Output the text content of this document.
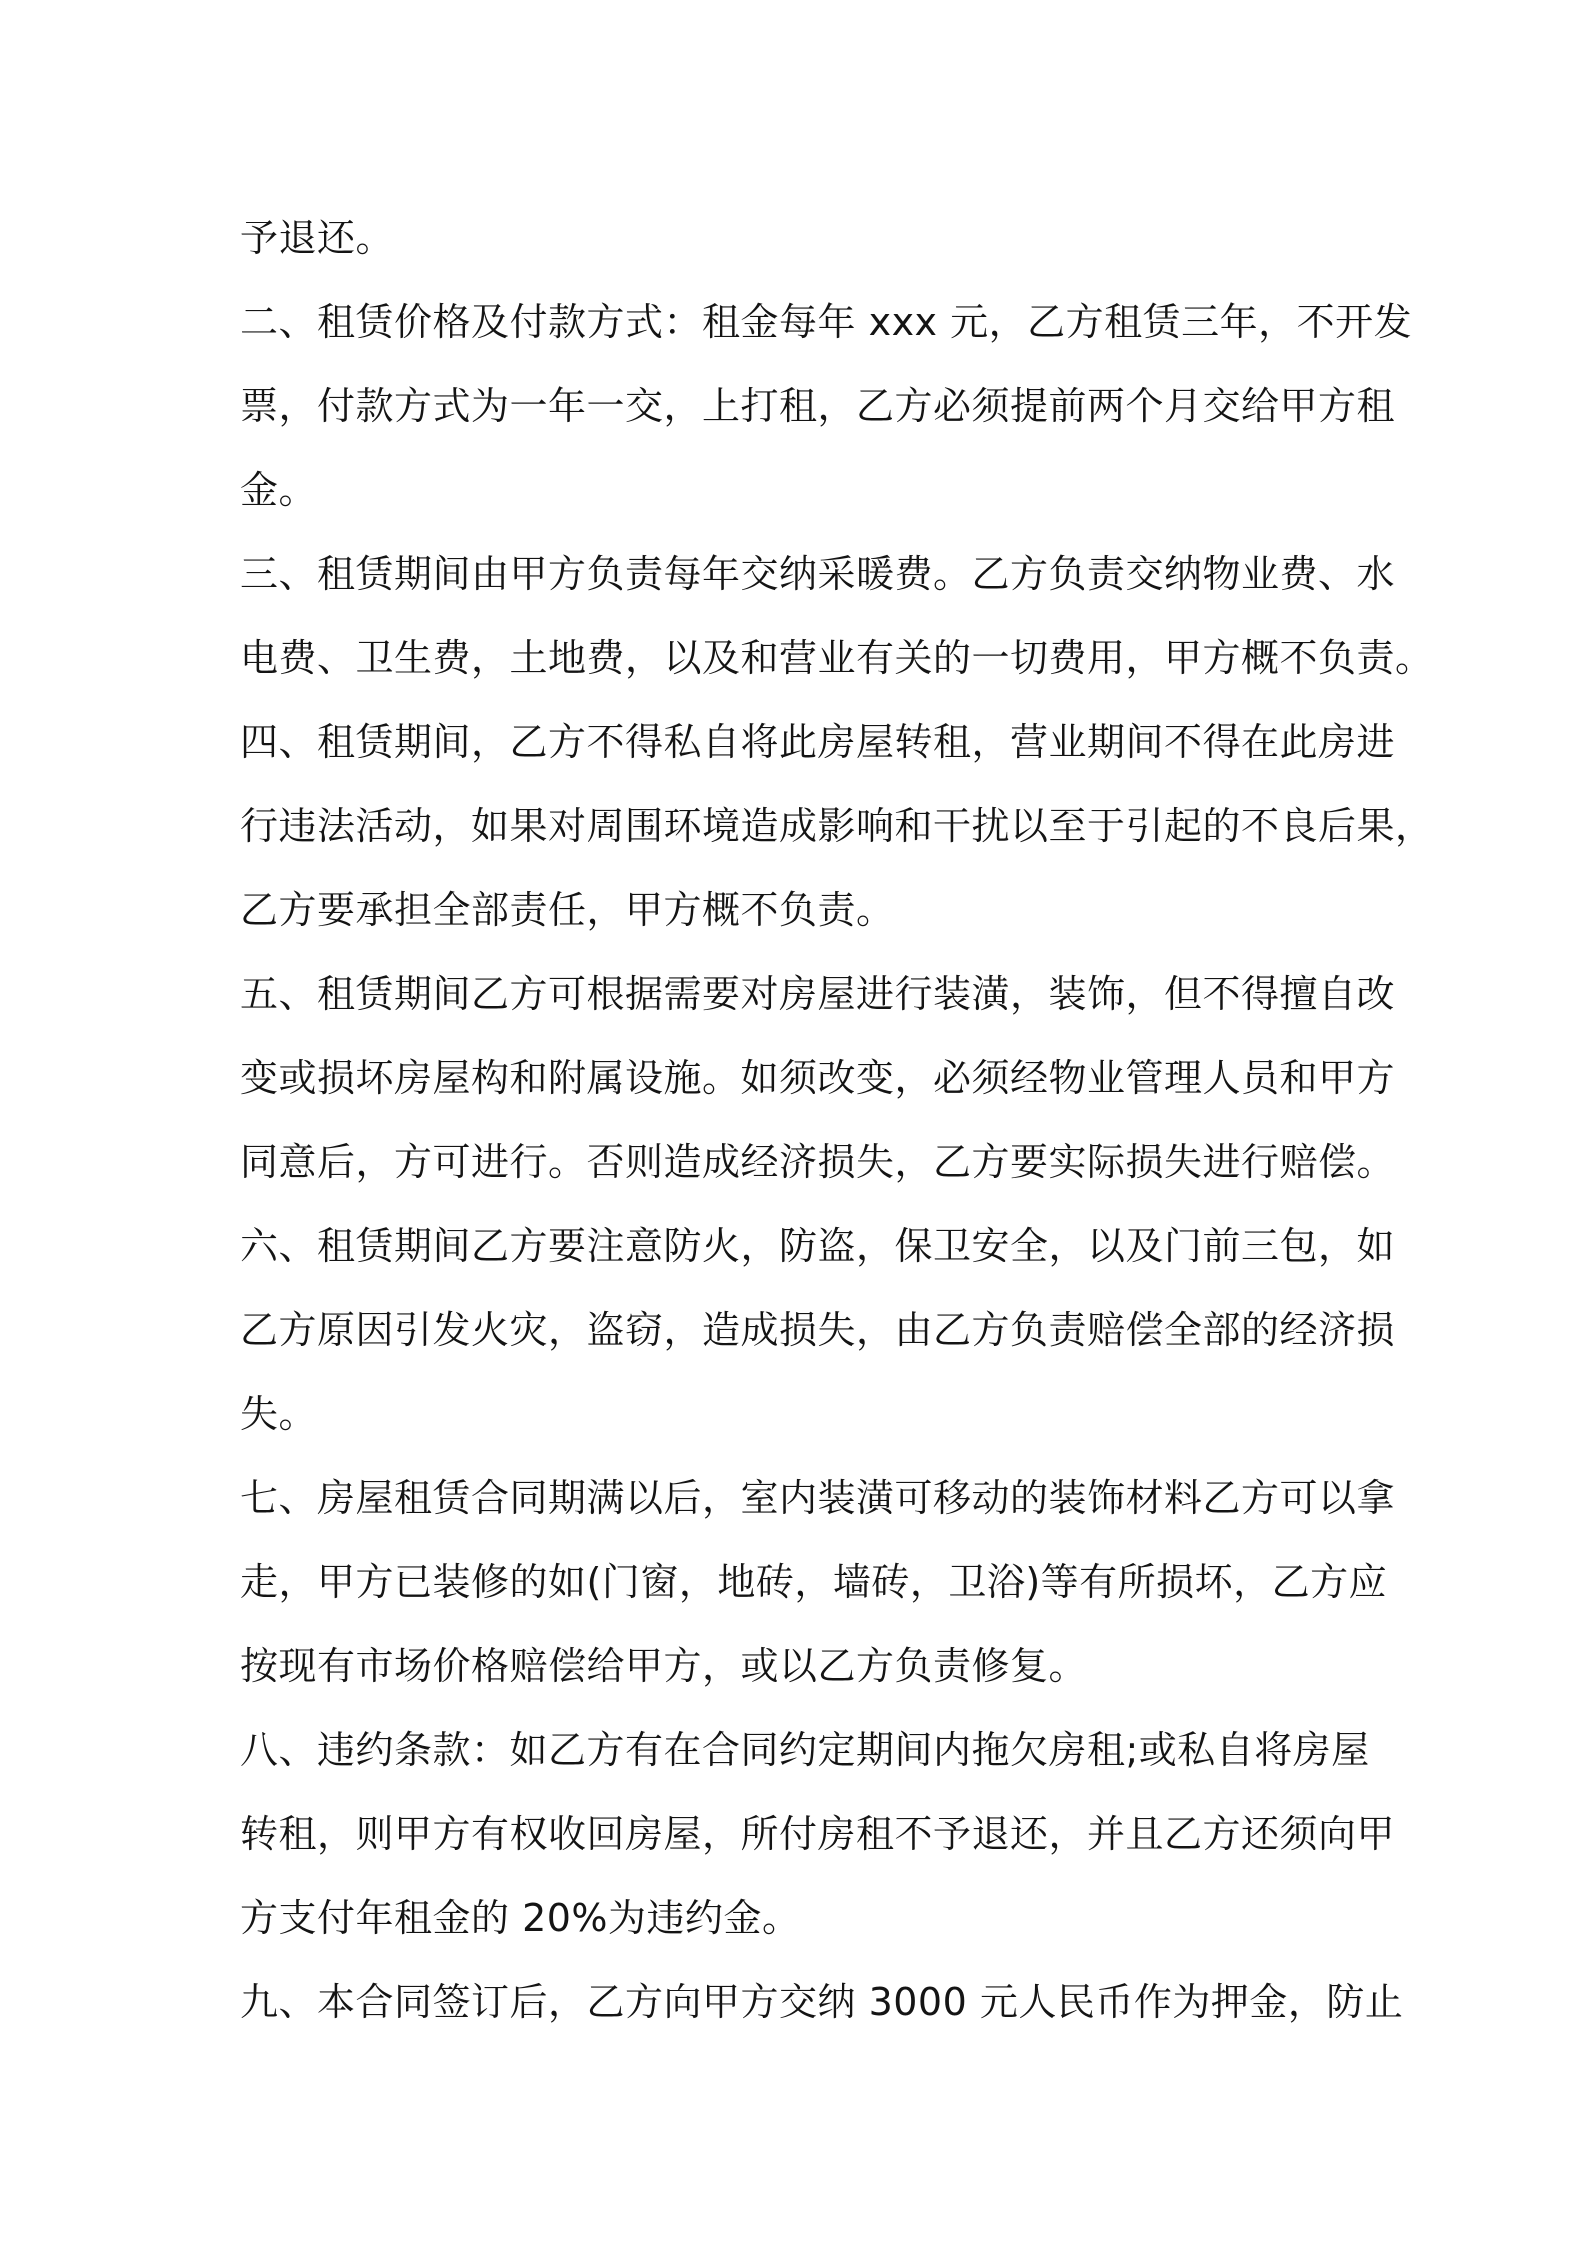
予退还。
二、租赁价格及付款方式：租金每年 xxx 元，乙方租赁三年，不开发
票，付款方式为一年一交，上打租，乙方必须提前两个月交给甲方租
金。
三、租赁期间由甲方负责每年交纳采暖费。乙方负责交纳物业费、水
电费、卫生费，土地费，以及和营业有关的一切费用，甲方概不负责。
四、租赁期间，乙方不得私自将此房屋转租，营业期间不得在此房进
行违法活动，如果对周围环境造成影响和干扰以至于引起的不良后果，
乙方要承担全部责任，甲方概不负责。
五、租赁期间乙方可根据需要对房屋进行装潢，装饰，但不得擅自改
变或损坏房屋构和附属设施。如须改变，必须经物业管理人员和甲方
同意后，方可进行。否则造成经济损失，乙方要实际损失进行赔偿。
六、租赁期间乙方要注意防火，防盗，保卫安全，以及门前三包，如
乙方原因引发火灾，盗窃，造成损失，由乙方负责赔偿全部的经济损
失。
七、房屋租赁合同期满以后，室内装潢可移动的装饰材料乙方可以拿
走，甲方已装修的如(门窗，地砖，墙砖，卫浴)等有所损坏，乙方应
按现有市场价格赔偿给甲方，或以乙方负责修复。
八、违约条款：如乙方有在合同约定期间内拖欠房租;或私自将房屋
转租，则甲方有权收回房屋，所付房租不予退还，并且乙方还须向甲
方支付年租金的 20%为违约金。
九、本合同签订后，乙方向甲方交纳 3000 元人民币作为押金，防止
